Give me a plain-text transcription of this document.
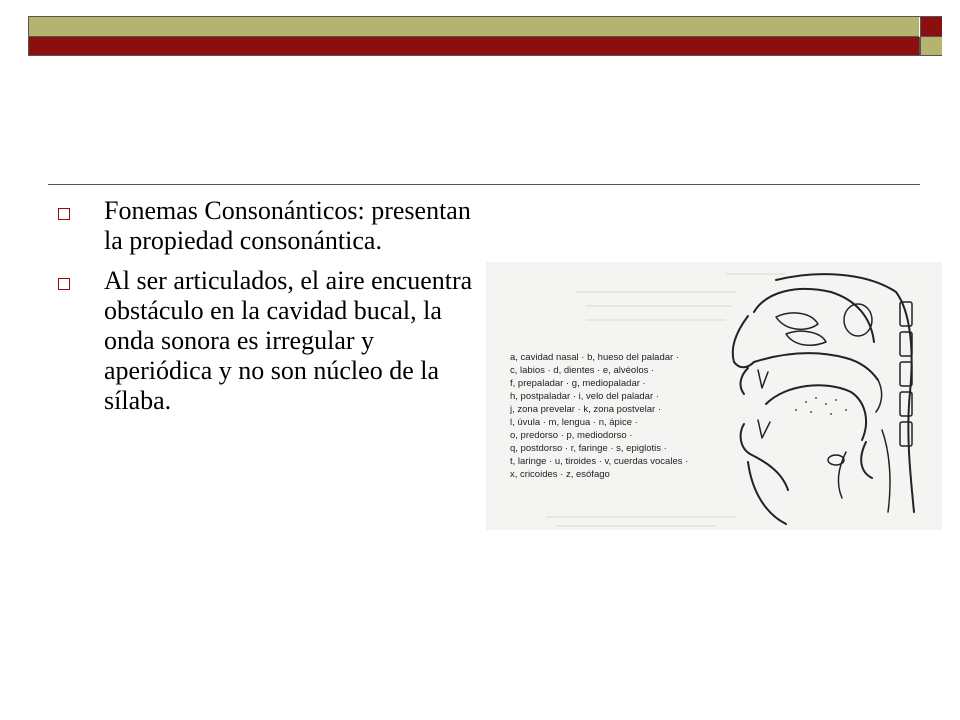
Fonemas Consonánticos: presentan la propiedad consonántica.
Al ser articulados, el aire encuentra obstáculo en la cavidad bucal, la onda sonora es irregular y aperiódica y no son núcleo de la sílaba.
a, cavidad nasal · b, hueso del paladar ·
c, labios · d, dientes · e, alvéolos ·
f, prepaladar · g, mediopaladar ·
h, postpaladar · i, velo del paladar ·
j, zona prevelar · k, zona postvelar ·
l, úvula · m, lengua · n, ápice ·
o, predorso · p, mediodorso ·
q, postdorso · r, faringe · s, epiglotis ·
t, laringe · u, tiroides · v, cuerdas vocales ·
x, cricoides · z, esófago
